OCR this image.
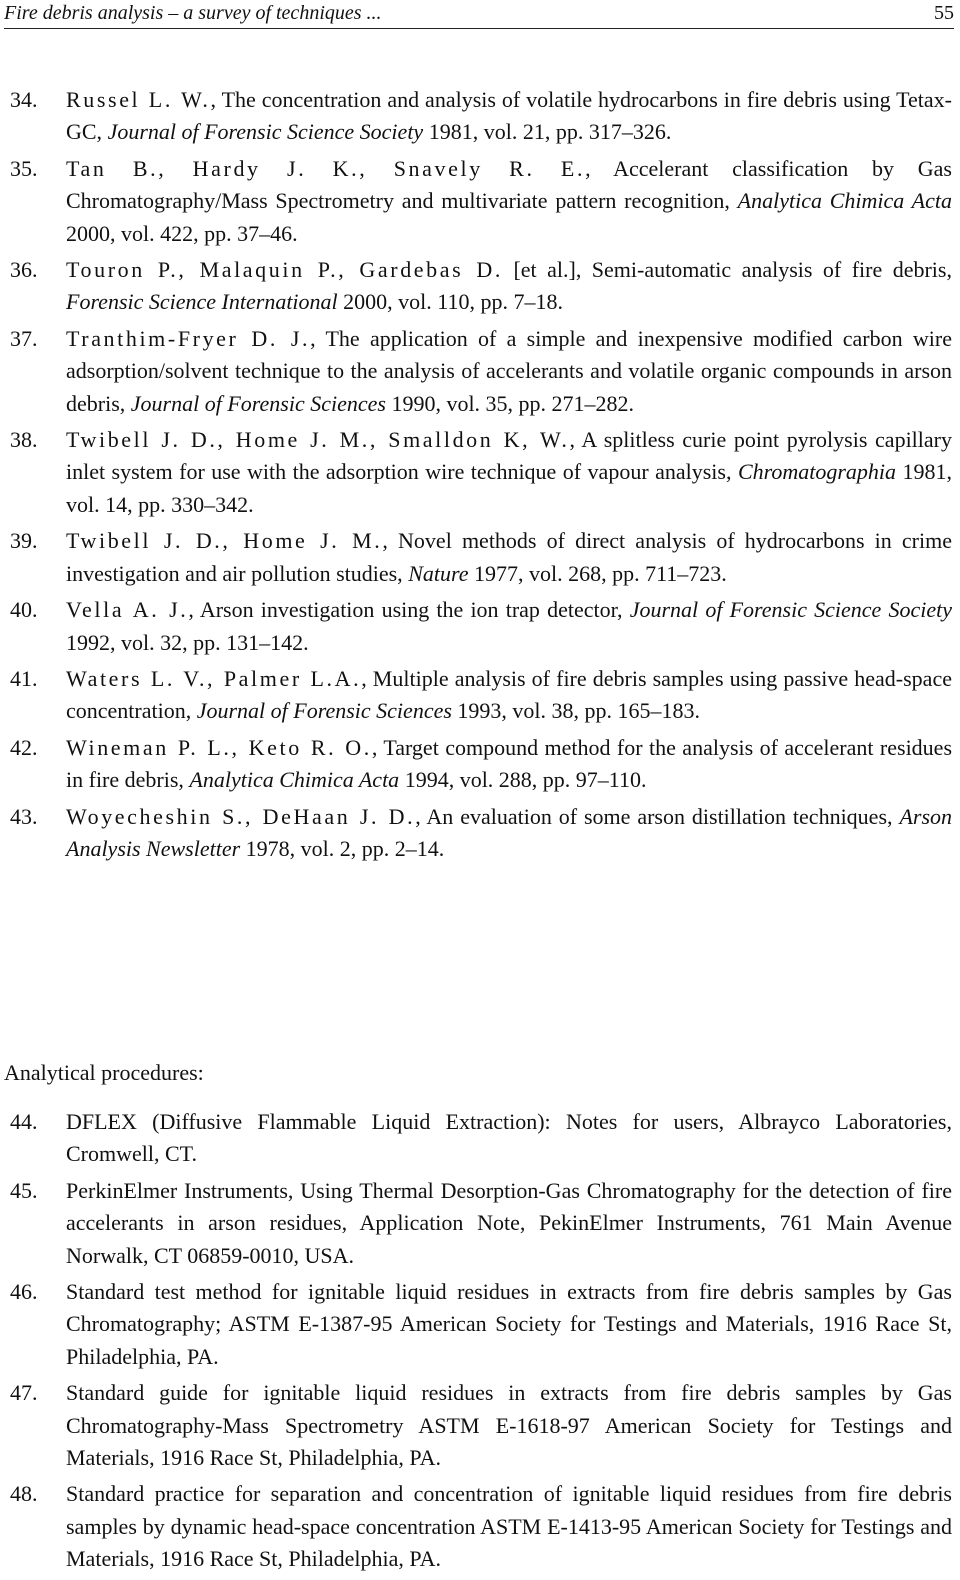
Fire debris analysis – a survey of techniques ...	55
34. Russel L. W., The concentration and analysis of volatile hydrocarbons in fire debris using Tetax-GC, Journal of Forensic Science Society 1981, vol. 21, pp. 317–326.
35. Tan B., Hardy J. K., Snavely R. E., Accelerant classification by Gas Chromatography/Mass Spectrometry and multivariate pattern recognition, Analytica Chimica Acta 2000, vol. 422, pp. 37–46.
36. Touron P., Malaquin P., Gardebas D. [et al.], Semi-automatic analysis of fire debris, Forensic Science International 2000, vol. 110, pp. 7–18.
37. Tranthim-Fryer D. J., The application of a simple and inexpensive modified carbon wire adsorption/solvent technique to the analysis of accelerants and volatile organic compounds in arson debris, Journal of Forensic Sciences 1990, vol. 35, pp. 271–282.
38. Twibell J. D., Home J. M., Smalldon K, W., A splitless curie point pyrolysis capillary inlet system for use with the adsorption wire technique of vapour analysis, Chromatographia 1981, vol. 14, pp. 330–342.
39. Twibell J. D., Home J. M., Novel methods of direct analysis of hydrocarbons in crime investigation and air pollution studies, Nature 1977, vol. 268, pp. 711–723.
40. Vella A. J., Arson investigation using the ion trap detector, Journal of Forensic Science Society 1992, vol. 32, pp. 131–142.
41. Waters L. V., Palmer L.A., Multiple analysis of fire debris samples using passive head-space concentration, Journal of Forensic Sciences 1993, vol. 38, pp. 165–183.
42. Wineman P. L., Keto R. O., Target compound method for the analysis of accelerant residues in fire debris, Analytica Chimica Acta 1994, vol. 288, pp. 97–110.
43. Woyecheshin S., DeHaan J. D., An evaluation of some arson distillation techniques, Arson Analysis Newsletter 1978, vol. 2, pp. 2–14.
Analytical procedures:
44. DFLEX (Diffusive Flammable Liquid Extraction): Notes for users, Albrayco Laboratories, Cromwell, CT.
45. PerkinElmer Instruments, Using Thermal Desorption-Gas Chromatography for the detection of fire accelerants in arson residues, Application Note, PekinElmer Instruments, 761 Main Avenue Norwalk, CT 06859-0010, USA.
46. Standard test method for ignitable liquid residues in extracts from fire debris samples by Gas Chromatography; ASTM E-1387-95 American Society for Testings and Materials, 1916 Race St, Philadelphia, PA.
47. Standard guide for ignitable liquid residues in extracts from fire debris samples by Gas Chromatography-Mass Spectrometry ASTM E-1618-97 American Society for Testings and Materials, 1916 Race St, Philadelphia, PA.
48. Standard practice for separation and concentration of ignitable liquid residues from fire debris samples by dynamic head-space concentration ASTM E-1413-95 American Society for Testings and Materials, 1916 Race St, Philadelphia, PA.
